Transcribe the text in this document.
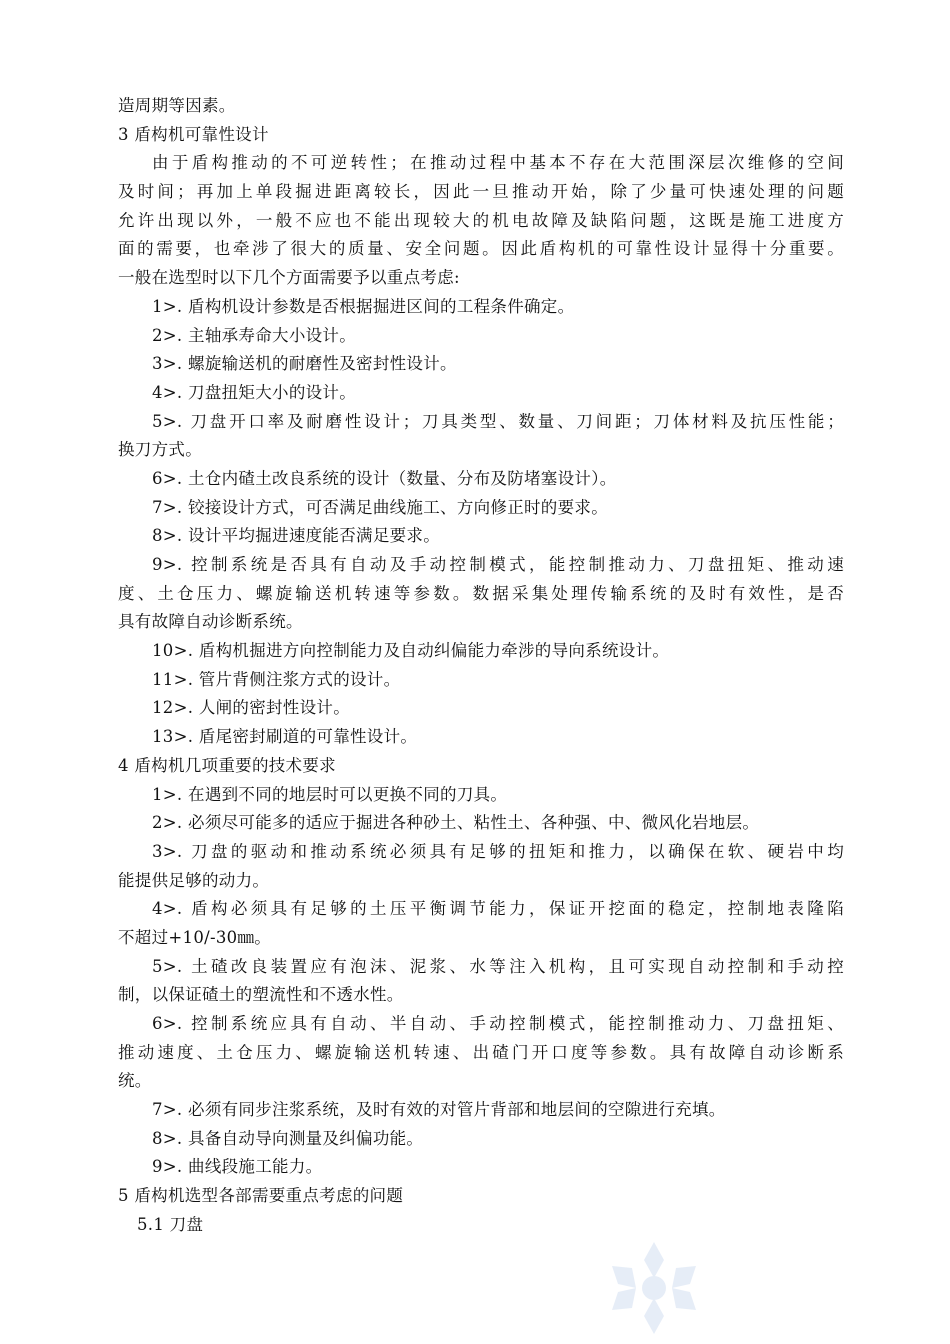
造周期等因素。
3 盾构机可靠性设计
由于盾构推动的不可逆转性；在推动过程中基本不存在大范围深层次维修的空间
及时间；再加上单段掘进距离较长，因此一旦推动开始，除了少量可快速处理的问题
允许出现以外，一般不应也不能出现较大的机电故障及缺陷问题，这既是施工进度方
面的需要，也牵涉了很大的质量、安全问题。因此盾构机的可靠性设计显得十分重要。
一般在选型时以下几个方面需要予以重点考虑:
1>. 盾构机设计参数是否根据掘进区间的工程条件确定。
2>. 主轴承寿命大小设计。
3>. 螺旋输送机的耐磨性及密封性设计。
4>. 刀盘扭矩大小的设计。
5>. 刀盘开口率及耐磨性设计；刀具类型、数量、刀间距；刀体材料及抗压性能；
换刀方式。
6>. 土仓内碴土改良系统的设计（数量、分布及防堵塞设计）。
7>. 铰接设计方式，可否满足曲线施工、方向修正时的要求。
8>. 设计平均掘进速度能否满足要求。
9>. 控制系统是否具有自动及手动控制模式，能控制推动力、刀盘扭矩、推动速
度、土仓压力、螺旋输送机转速等参数。数据采集处理传输系统的及时有效性，是否
具有故障自动诊断系统。
10>. 盾构机掘进方向控制能力及自动纠偏能力牵涉的导向系统设计。
11>. 管片背侧注浆方式的设计。
12>. 人闸的密封性设计。
13>. 盾尾密封刷道的可靠性设计。
4 盾构机几项重要的技术要求
1>. 在遇到不同的地层时可以更换不同的刀具。
2>. 必须尽可能多的适应于掘进各种砂土、粘性土、各种强、中、微风化岩地层。
3>. 刀盘的驱动和推动系统必须具有足够的扭矩和推力，以确保在软、硬岩中均
能提供足够的动力。
4>. 盾构必须具有足够的土压平衡调节能力，保证开挖面的稳定，控制地表隆陷
不超过+10/-30㎜。
5>. 土碴改良装置应有泡沫、泥浆、水等注入机构，且可实现自动控制和手动控
制，以保证碴土的塑流性和不透水性。
6>. 控制系统应具有自动、半自动、手动控制模式，能控制推动力、刀盘扭矩、
推动速度、土仓压力、螺旋输送机转速、出碴门开口度等参数。具有故障自动诊断系
统。
7>. 必须有同步注浆系统，及时有效的对管片背部和地层间的空隙进行充填。
8>. 具备自动导向测量及纠偏功能。
9>. 曲线段施工能力。
5 盾构机选型各部需要重点考虑的问题
5.1 刀盘
